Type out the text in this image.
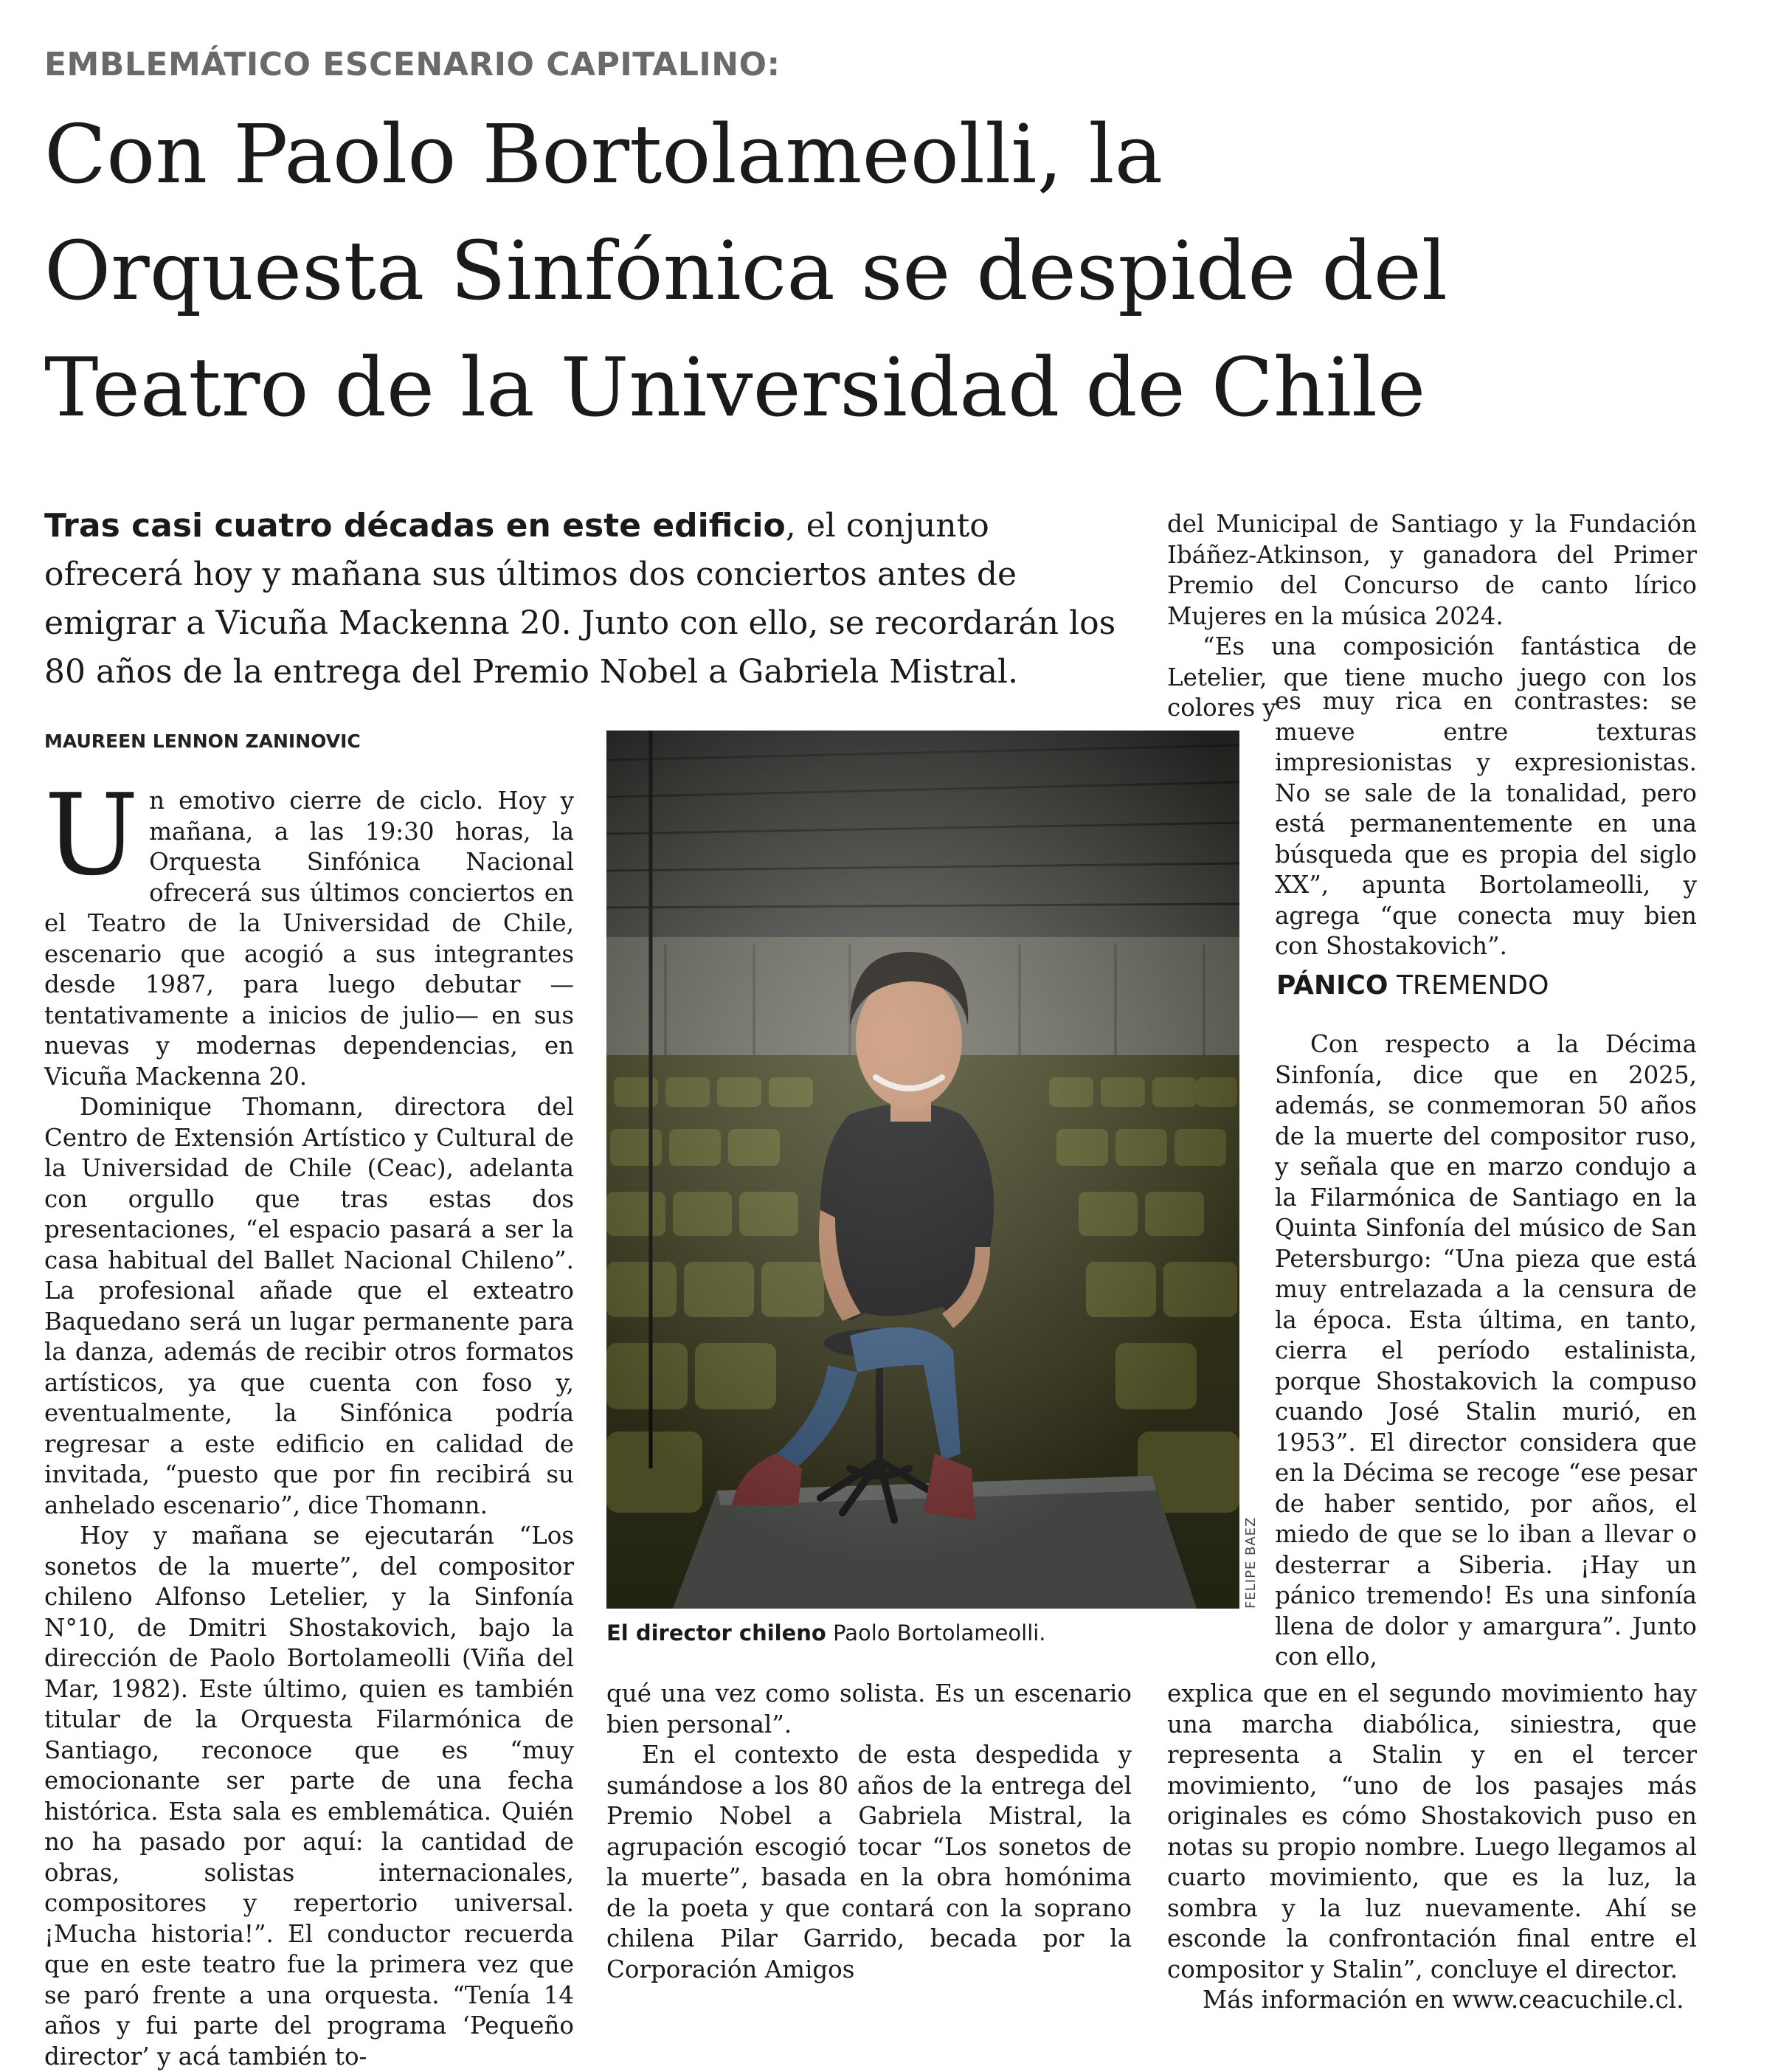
EMBLEMÁTICO ESCENARIO CAPITALINO:
Con Paolo Bortolameolli, la
Orquesta Sinfónica se despide del
Teatro de la Universidad de Chile
Tras casi cuatro décadas en este edificio, el conjunto ofrecerá hoy y mañana sus últimos dos conciertos antes de emigrar a Vicuña Mackenna 20. Junto con ello, se recordarán los 80 años de la entrega del Premio Nobel a Gabriela Mistral.
MAUREEN LENNON ZANINOVIC

Un emotivo cierre de ciclo. Hoy y mañana, a las 19:30 horas, la Orquesta Sinfónica Nacional ofrecerá sus últimos conciertos en el Teatro de la Universidad de Chile, escenario que acogió a sus integrantes desde 1987, para luego debutar —tentativamente a inicios de julio— en sus nuevas y modernas dependencias, en Vicuña Mackenna 20.

Dominique Thomann, directora del Centro de Extensión Artístico y Cultural de la Universidad de Chile (Ceac), adelanta con orgullo que tras estas dos presentaciones, “el espacio pasará a ser la casa habitual del Ballet Nacional Chileno”. La profesional añade que el exteatro Baquedano será un lugar permanente para la danza, además de recibir otros formatos artísticos, ya que cuenta con foso y, eventualmente, la Sinfónica podría regresar a este edificio en calidad de invitada, “puesto que por fin recibirá su anhelado escenario”, dice Thomann.

Hoy y mañana se ejecutarán “Los sonetos de la muerte”, del compositor chileno Alfonso Letelier, y la Sinfonía N°10, de Dmitri Shostakovich, bajo la dirección de Paolo Bortolameolli (Viña del Mar, 1982). Este último, quien es también titular de la Orquesta Filarmónica de Santiago, reconoce que es “muy emocionante ser parte de una fecha histórica. Esta sala es emblemática. Quién no ha pasado por aquí: la cantidad de obras, solistas internacionales, compositores y repertorio universal. ¡Mucha historia!”. El conductor recuerda que en este teatro fue la primera vez que se paró frente a una orquesta. “Tenía 14 años y fui parte del programa ‘Pequeño director’ y acá también to-

FELIPE BAEZ
El director chileno Paolo Bortolameolli.

qué una vez como solista. Es un escenario bien personal”.

En el contexto de esta despedida y sumándose a los 80 años de la entrega del Premio Nobel a Gabriela Mistral, la agrupación escogió tocar “Los sonetos de la muerte”, basada en la obra homónima de la poeta y que contará con la soprano chilena Pilar Garrido, becada por la Corporación Amigos

del Municipal de Santiago y la Fundación Ibáñez-Atkinson, y ganadora del Primer Premio del Concurso de canto lírico Mujeres en la música 2024.

“Es una composición fantástica de Letelier, que tiene mucho juego con los colores y

es muy rica en contrastes: se mueve entre texturas impresionistas y expresionistas. No se sale de la tonalidad, pero está permanentemente en una búsqueda que es propia del siglo XX”, apunta Bortolameolli, y agrega “que conecta muy bien con Shostakovich”.

PÁNICO TREMENDO

Con respecto a la Décima Sinfonía, dice que en 2025, además, se conmemoran 50 años de la muerte del compositor ruso, y señala que en marzo condujo a la Filarmónica de Santiago en la Quinta Sinfonía del músico de San Petersburgo: “Una pieza que está muy entrelazada a la censura de la época. Esta última, en tanto, cierra el período estalinista, porque Shostakovich la compuso cuando José Stalin murió, en 1953”. El director considera que en la Décima se recoge “ese pesar de haber sentido, por años, el miedo de que se lo iban a llevar o desterrar a Siberia. ¡Hay un pánico tremendo! Es una sinfonía llena de dolor y amargura”. Junto con ello,

explica que en el segundo movimiento hay una marcha diabólica, siniestra, que representa a Stalin y en el tercer movimiento, “uno de los pasajes más originales es cómo Shostakovich puso en notas su propio nombre. Luego llegamos al cuarto movimiento, que es la luz, la sombra y la luz nuevamente. Ahí se esconde la confrontación final entre el compositor y Stalin”, concluye el director.

Más información en www.ceacuchile.cl.
